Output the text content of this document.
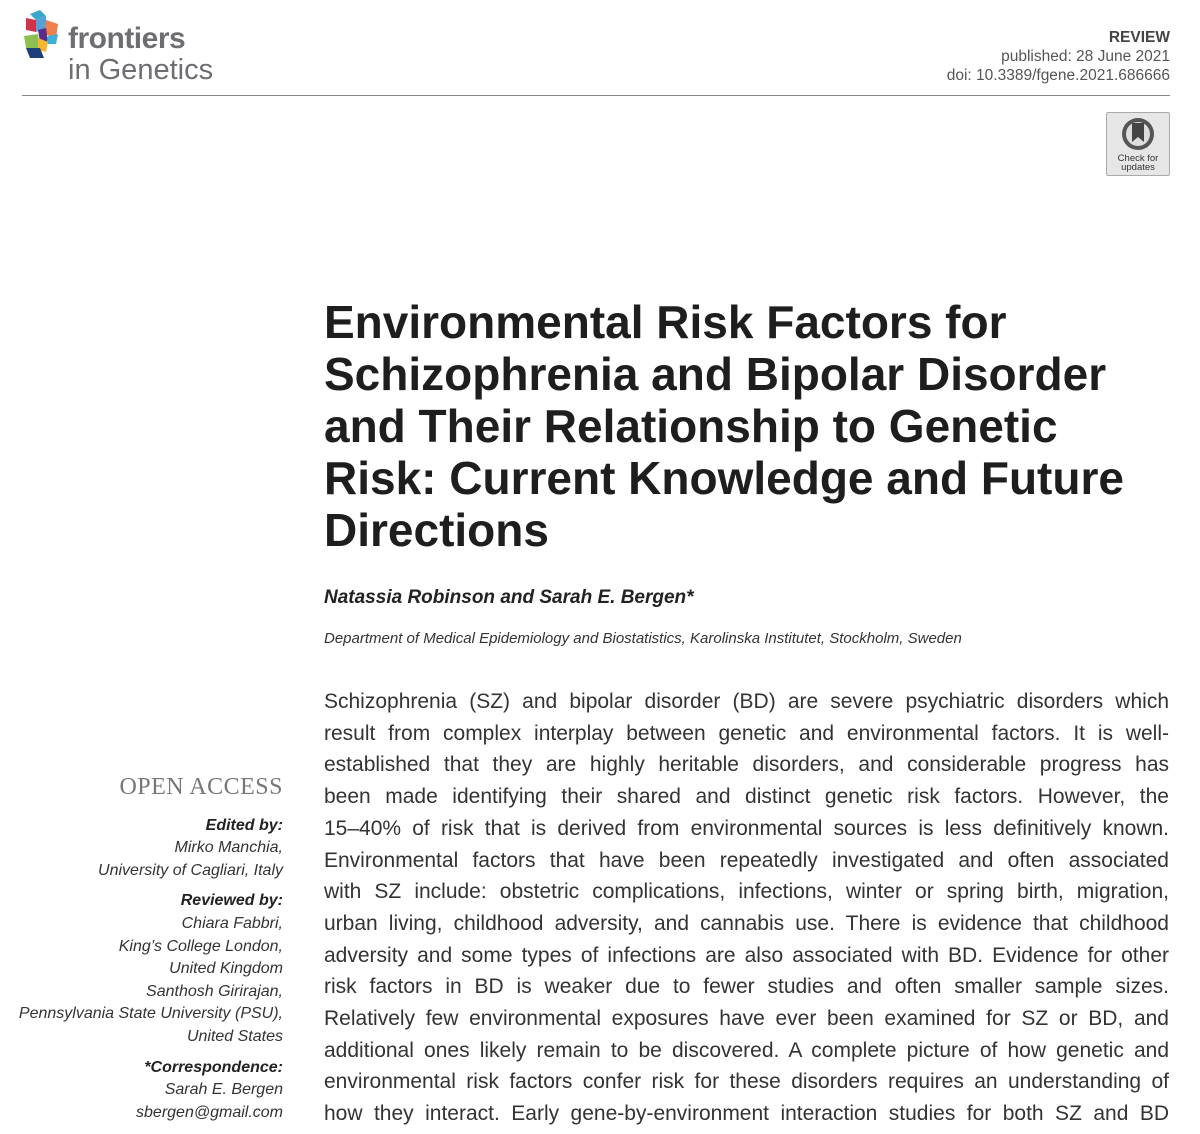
frontiers
in Genetics
REVIEW
published: 28 June 2021
doi: 10.3389/fgene.2021.686666
Check for
updates
Environmental Risk Factors for
Schizophrenia and Bipolar Disorder
and Their Relationship to Genetic
Risk: Current Knowledge and Future
Directions
Natassia Robinson and Sarah E. Bergen*
Department of Medical Epidemiology and Biostatistics, Karolinska Institutet, Stockholm, Sweden
Schizophrenia (SZ) and bipolar disorder (BD) are severe psychiatric disorders which
result from complex interplay between genetic and environmental factors. It is well-
established that they are highly heritable disorders, and considerable progress has
been made identifying their shared and distinct genetic risk factors. However, the
15–40% of risk that is derived from environmental sources is less definitively known.
Environmental factors that have been repeatedly investigated and often associated
with SZ include: obstetric complications, infections, winter or spring birth, migration,
urban living, childhood adversity, and cannabis use. There is evidence that childhood
adversity and some types of infections are also associated with BD. Evidence for other
risk factors in BD is weaker due to fewer studies and often smaller sample sizes.
Relatively few environmental exposures have ever been examined for SZ or BD, and
additional ones likely remain to be discovered. A complete picture of how genetic and
environmental risk factors confer risk for these disorders requires an understanding of
how they interact. Early gene-by-environment interaction studies for both SZ and BD
OPEN ACCESS
Edited by:
Mirko Manchia,
University of Cagliari, Italy
Reviewed by:
Chiara Fabbri,
King’s College London,
United Kingdom
Santhosh Girirajan,
Pennsylvania State University (PSU),
United States
*Correspondence:
Sarah E. Bergen
sbergen@gmail.com
